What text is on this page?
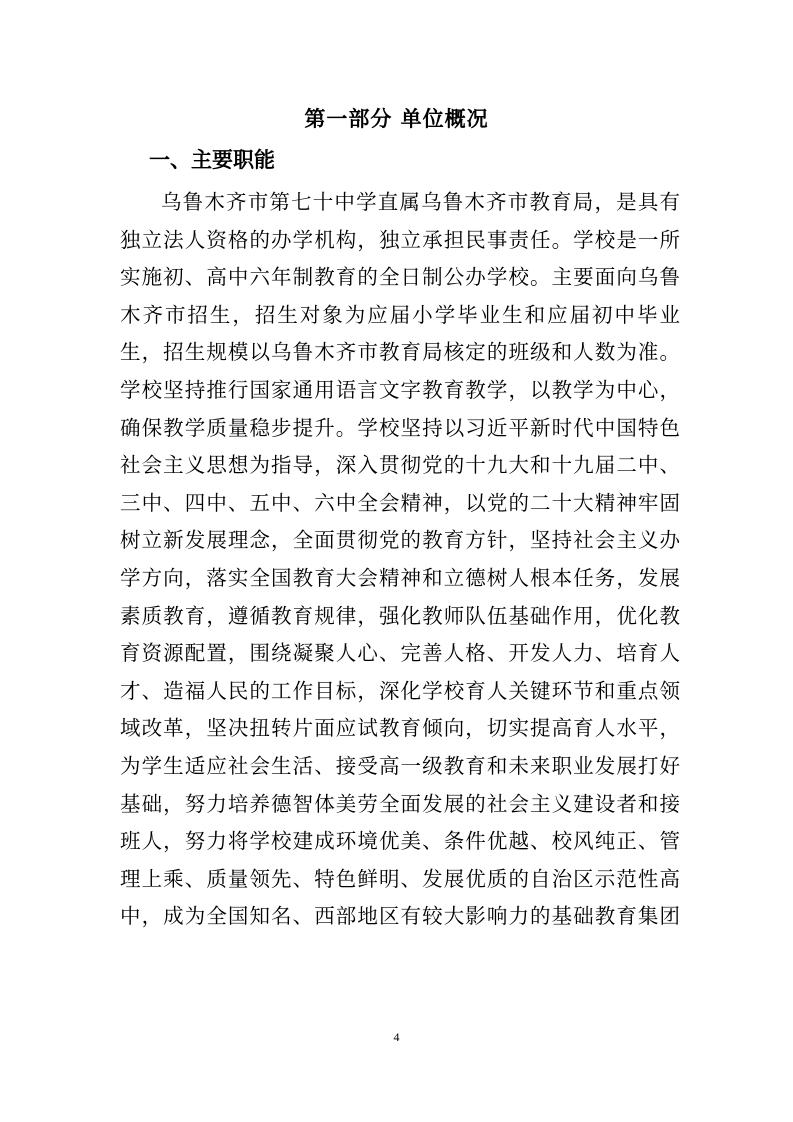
第一部分 单位概况
一、主要职能
乌鲁木齐市第七十中学直属乌鲁木齐市教育局，是具有
独立法人资格的办学机构，独立承担民事责任。学校是一所
实施初、高中六年制教育的全日制公办学校。主要面向乌鲁
木齐市招生，招生对象为应届小学毕业生和应届初中毕业
生，招生规模以乌鲁木齐市教育局核定的班级和人数为准。
学校坚持推行国家通用语言文字教育教学，以教学为中心，
确保教学质量稳步提升。学校坚持以习近平新时代中国特色
社会主义思想为指导，深入贯彻党的十九大和十九届二中、
三中、四中、五中、六中全会精神，以党的二十大精神牢固
树立新发展理念，全面贯彻党的教育方针，坚持社会主义办
学方向，落实全国教育大会精神和立德树人根本任务，发展
素质教育，遵循教育规律，强化教师队伍基础作用，优化教
育资源配置，围绕凝聚人心、完善人格、开发人力、培育人
才、造福人民的工作目标，深化学校育人关键环节和重点领
域改革，坚决扭转片面应试教育倾向，切实提高育人水平，
为学生适应社会生活、接受高一级教育和未来职业发展打好
基础，努力培养德智体美劳全面发展的社会主义建设者和接
班人，努力将学校建成环境优美、条件优越、校风纯正、管
理上乘、质量领先、特色鲜明、发展优质的自治区示范性高
中，成为全国知名、西部地区有较大影响力的基础教育集团
4
